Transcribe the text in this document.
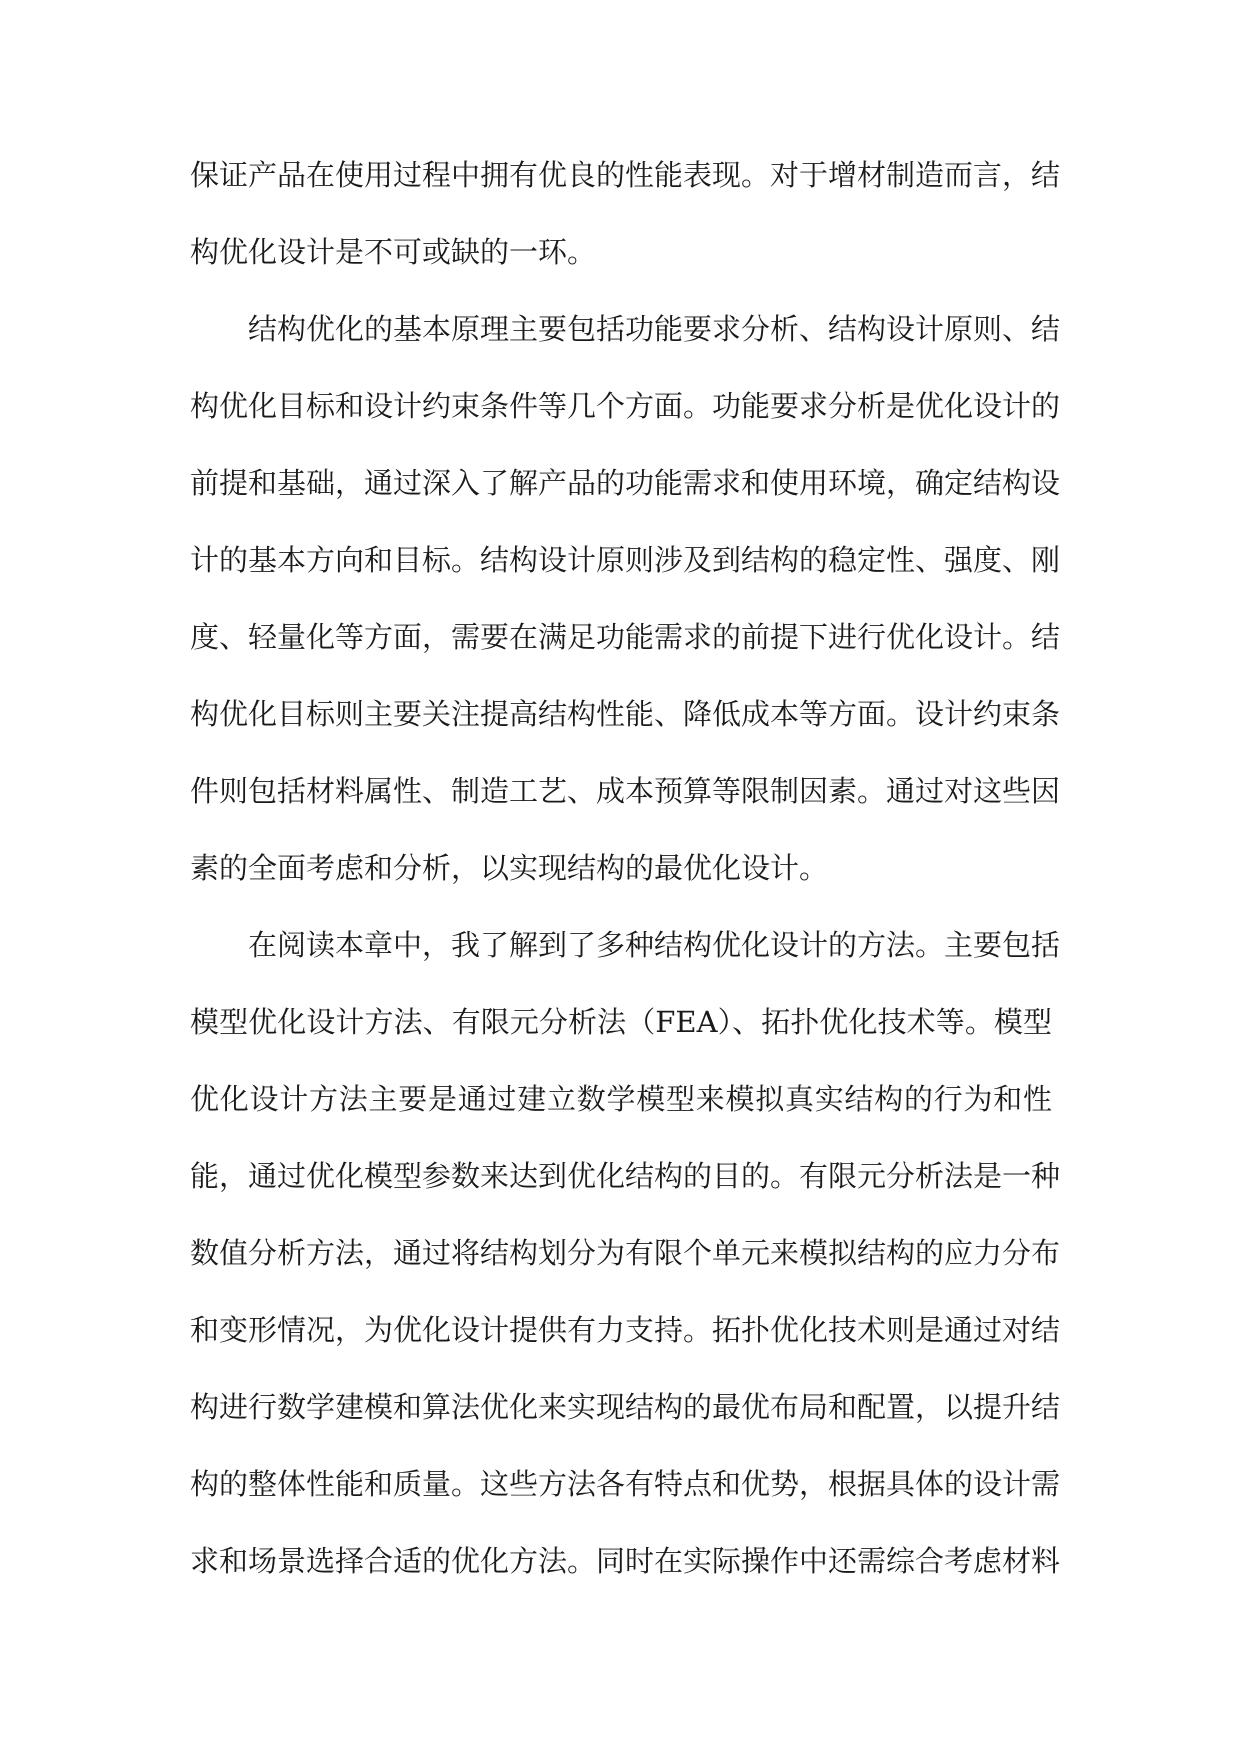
保证产品在使用过程中拥有优良的性能表现。对于增材制造而言，结
构优化设计是不可或缺的一环。
结构优化的基本原理主要包括功能要求分析、结构设计原则、结
构优化目标和设计约束条件等几个方面。功能要求分析是优化设计的
前提和基础，通过深入了解产品的功能需求和使用环境，确定结构设
计的基本方向和目标。结构设计原则涉及到结构的稳定性、强度、刚
度、轻量化等方面，需要在满足功能需求的前提下进行优化设计。结
构优化目标则主要关注提高结构性能、降低成本等方面。设计约束条
件则包括材料属性、制造工艺、成本预算等限制因素。通过对这些因
素的全面考虑和分析，以实现结构的最优化设计。
在阅读本章中，我了解到了多种结构优化设计的方法。主要包括
模型优化设计方法、有限元分析法（FEA）、拓扑优化技术等。模型
优化设计方法主要是通过建立数学模型来模拟真实结构的行为和性
能，通过优化模型参数来达到优化结构的目的。有限元分析法是一种
数值分析方法，通过将结构划分为有限个单元来模拟结构的应力分布
和变形情况，为优化设计提供有力支持。拓扑优化技术则是通过对结
构进行数学建模和算法优化来实现结构的最优布局和配置，以提升结
构的整体性能和质量。这些方法各有特点和优势，根据具体的设计需
求和场景选择合适的优化方法。同时在实际操作中还需综合考虑材料
